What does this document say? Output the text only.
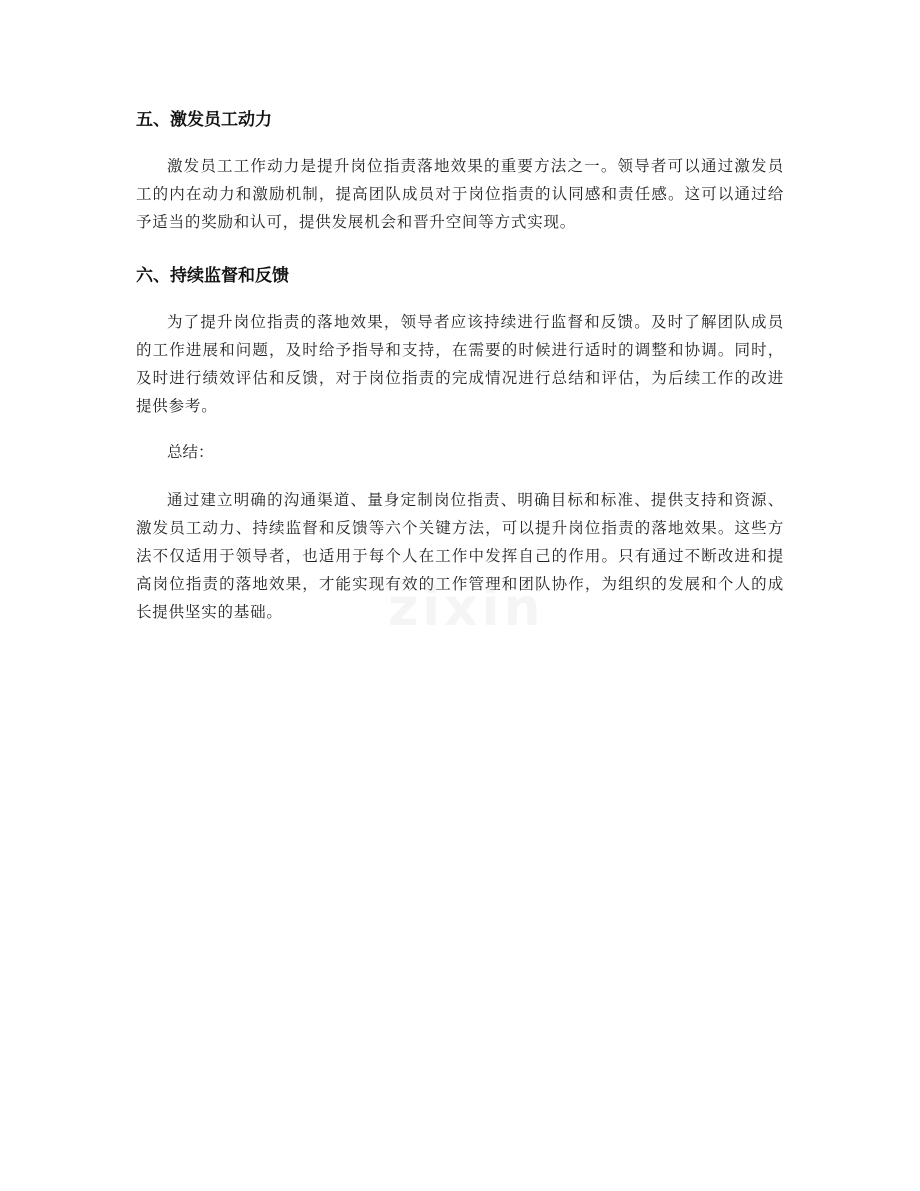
五、激发员工动力

激发员工工作动力是提升岗位指责落地效果的重要方法之一。领导者可以通过激发员工的内在动力和激励机制，提高团队成员对于岗位指责的认同感和责任感。这可以通过给予适当的奖励和认可，提供发展机会和晋升空间等方式实现。

六、持续监督和反馈

为了提升岗位指责的落地效果，领导者应该持续进行监督和反馈。及时了解团队成员的工作进展和问题，及时给予指导和支持，在需要的时候进行适时的调整和协调。同时，及时进行绩效评估和反馈，对于岗位指责的完成情况进行总结和评估，为后续工作的改进提供参考。

总结：

通过建立明确的沟通渠道、量身定制岗位指责、明确目标和标准、提供支持和资源、激发员工动力、持续监督和反馈等六个关键方法，可以提升岗位指责的落地效果。这些方法不仅适用于领导者，也适用于每个人在工作中发挥自己的作用。只有通过不断改进和提高岗位指责的落地效果，才能实现有效的工作管理和团队协作，为组织的发展和个人的成长提供坚实的基础。	zixin
